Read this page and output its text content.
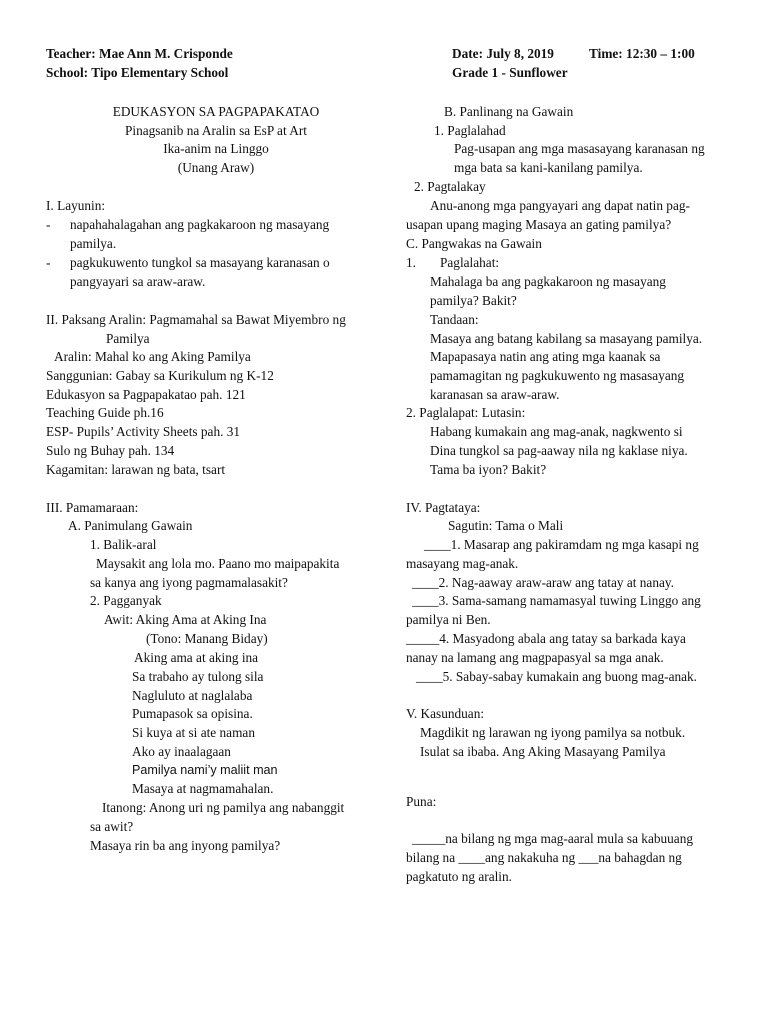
Teacher: Mae Ann M. Crisponde
School: Tipo Elementary School
Date: July 8, 2019	Time: 12:30 – 1:00
Grade 1 - Sunflower
EDUKASYON SA PAGPAPAKATAO
Pinagsanib na Aralin sa EsP at Art
Ika-anim na Linggo
(Unang Araw)
I. Layunin:
- napahahalagahan ang pagkakaroon ng masayang
pamilya.
- pagkukuwento tungkol sa masayang karanasan o
pangyayari sa araw-araw.
II. Paksang Aralin: Pagmamahal sa Bawat Miyembro ng
Pamilya
Aralin: Mahal ko ang Aking Pamilya
Sanggunian: Gabay sa Kurikulum ng K-12
Edukasyon sa Pagpapakatao pah. 121
Teaching Guide ph.16
ESP- Pupils’ Activity Sheets pah. 31
Sulo ng Buhay pah. 134
Kagamitan: larawan ng bata, tsart
III. Pamamaraan:
A. Panimulang Gawain
1. Balik-aral
Maysakit ang lola mo. Paano mo maipapakita
sa kanya ang iyong pagmamalasakit?
2. Pagganyak
Awit: Aking Ama at Aking Ina
(Tono: Manang Biday)
Aking ama at aking ina
Sa trabaho ay tulong sila
Nagluluto at naglalaba
Pumapasok sa opisina.
Si kuya at si ate naman
Ako ay inaalagaan
Pamilya nami’y maliit man
Masaya at nagmamahalan.
Itanong: Anong uri ng pamilya ang nabanggit
sa awit?
Masaya rin ba ang inyong pamilya?
B. Panlinang na Gawain
1. Paglalahad
Pag-usapan ang mga masasayang karanasan ng
mga bata sa kani-kanilang pamilya.
2. Pagtalakay
Anu-anong mga pangyayari ang dapat natin pag-
usapan upang maging Masaya an gating pamilya?
C. Pangwakas na Gawain
1. Paglalahat:
Mahalaga ba ang pagkakaroon ng masayang
pamilya? Bakit?
Tandaan:
Masaya ang batang kabilang sa masayang pamilya.
Mapapasaya natin ang ating mga kaanak sa
pamamagitan ng pagkukuwento ng masasayang
karanasan sa araw-araw.
2. Paglalapat: Lutasin:
Habang kumakain ang mag-anak, nagkwento si
Dina tungkol sa pag-aaway nila ng kaklase niya.
Tama ba iyon? Bakit?
IV. Pagtataya:
Sagutin: Tama o Mali
____1. Masarap ang pakiramdam ng mga kasapi ng
masayang mag-anak.
____2. Nag-aaway araw-araw ang tatay at nanay.
____3. Sama-samang namamasyal tuwing Linggo ang
pamilya ni Ben.
_____4. Masyadong abala ang tatay sa barkada kaya
nanay na lamang ang magpapasyal sa mga anak.
____5. Sabay-sabay kumakain ang buong mag-anak.
V. Kasunduan:
Magdikit ng larawan ng iyong pamilya sa notbuk.
Isulat sa ibaba. Ang Aking Masayang Pamilya
Puna:
_____na bilang ng mga mag-aaral mula sa kabuuang
bilang na ____ang nakakuha ng ___na bahagdan ng
pagkatuto ng aralin.
